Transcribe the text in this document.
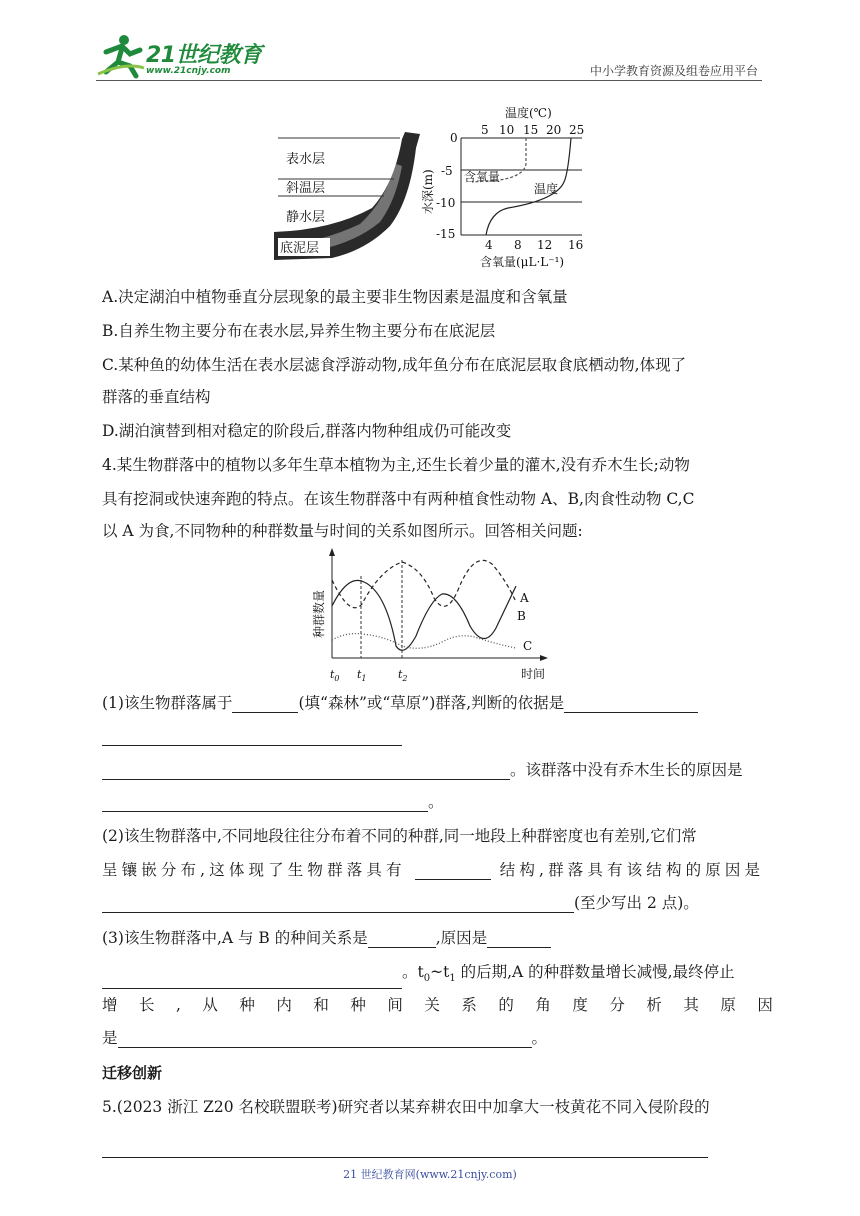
21世纪教育
www.21cnjy.com	中小学教育资源及组卷应用平台
表水层
斜温层
静水层
底泥层
温度(℃)
5 10 15 20 25
水深(m)
0
-5
-10
-15
含氧量
温度
4 8 12 16
含氧量(μL·L⁻¹)
A.决定湖泊中植物垂直分层现象的最主要非生物因素是温度和含氧量
B.自养生物主要分布在表水层,异养生物主要分布在底泥层
C.某种鱼的幼体生活在表水层滤食浮游动物,成年鱼分布在底泥层取食底栖动物,体现了
群落的垂直结构
D.湖泊演替到相对稳定的阶段后,群落内物种组成仍可能改变
4.某生物群落中的植物以多年生草本植物为主,还生长着少量的灌木,没有乔木生长;动物
具有挖洞或快速奔跑的特点。在该生物群落中有两种植食性动物 A、B,肉食性动物 C,C
以 A 为食,不同物种的种群数量与时间的关系如图所示。回答相关问题:
种群数量	A
B
C
$t_0$ $t_1$	$t_2$	时间
(1)该生物群落属于	(填“森林”或“草原”)群落,判断的依据是
。该群落中没有乔木生长的原因是
。
(2)该生物群落中,不同地段往往分布着不同的种群,同一地段上种群密度也有差别,它们常
呈镶嵌分布,这体现了生物群落具有	结构,群落具有该结构的原因是
(至少写出 2 点)。
(3)该生物群落中,A 与 B 的种间关系是	,原因是
。$t_0\sim t_1$ 的后期,A 的种群数量增长减慢,最终停止
增长,从种内和种间关系的角度分析其原因
是	。
迁移创新
5.(2023 浙江 Z20 名校联盟联考)研究者以某弃耕农田中加拿大一枝黄花不同入侵阶段的
21 世纪教育网(www.21cnjy.com)
